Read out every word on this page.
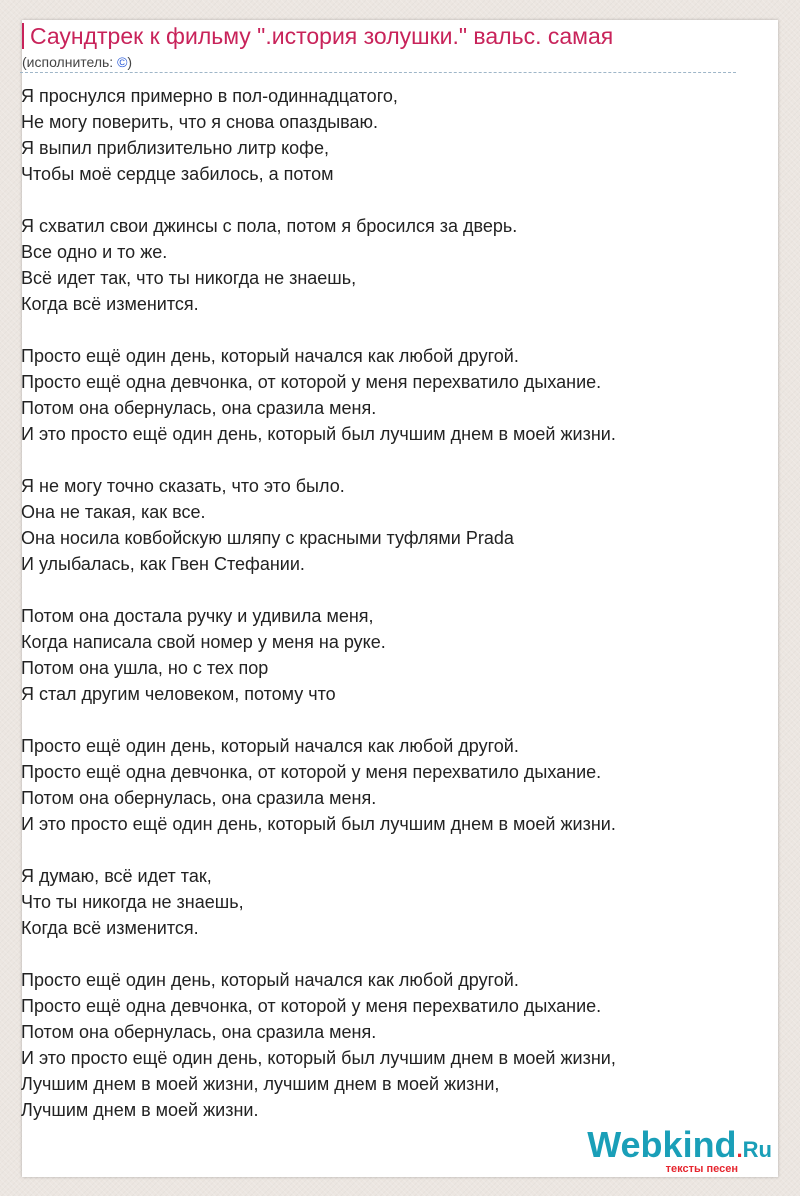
Саундтрек к фильму ".история золушки." вальс. самая
(исполнитель: ©)
Я проснулся примерно в пол-одиннадцатого,
Не могу поверить, что я снова опаздываю.
Я выпил приблизительно литр кофе,
Чтобы моё сердце забилось, а потом
Я схватил свои джинсы с пола, потом я бросился за дверь.
Все одно и то же.
Всё идет так, что ты никогда не знаешь,
Когда всё изменится.
Просто ещё один день, который начался как любой другой.
Просто ещё одна девчонка, от которой у меня перехватило дыхание.
Потом она обернулась, она сразила меня.
И это просто ещё один день, который был лучшим днем в моей жизни.
Я не могу точно сказать, что это было.
Она не такая, как все.
Она носила ковбойскую шляпу с красными туфлями Prada
И улыбалась, как Гвен Стефании.
Потом она достала ручку и удивила меня,
Когда написала свой номер у меня на руке.
Потом она ушла, но с тех пор
Я стал другим человеком, потому что
Просто ещё один день, который начался как любой другой.
Просто ещё одна девчонка, от которой у меня перехватило дыхание.
Потом она обернулась, она сразила меня.
И это просто ещё один день, который был лучшим днем в моей жизни.
Я думаю, всё идет так,
Что ты никогда не знаешь,
Когда всё изменится.
Просто ещё один день, который начался как любой другой.
Просто ещё одна девчонка, от которой у меня перехватило дыхание.
Потом она обернулась, она сразила меня.
И это просто ещё один день, который был лучшим днем в моей жизни,
Лучшим днем в моей жизни, лучшим днем в моей жизни,
Лучшим днем в моей жизни.
Webkind.Ru
тексты песен
